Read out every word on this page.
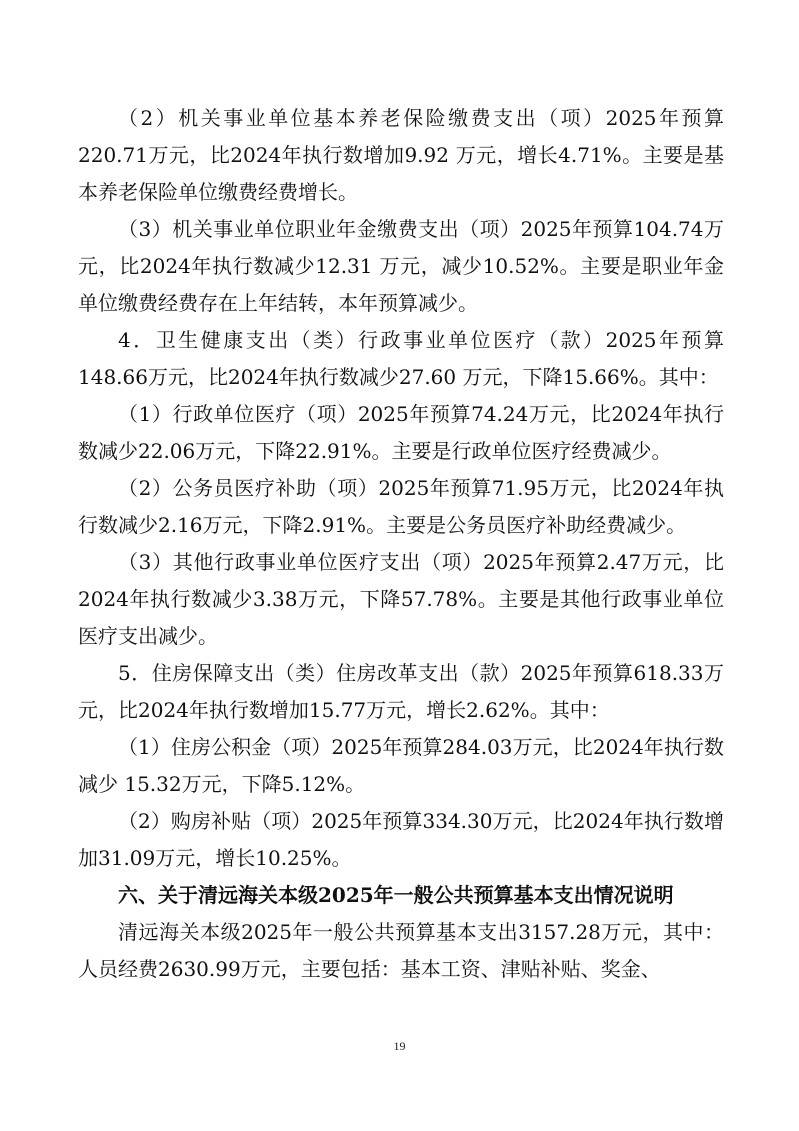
（2）机关事业单位基本养老保险缴费支出（项）2025年预算220.71万元，比2024年执行数增加9.92 万元，增长4.71%。主要是基本养老保险单位缴费经费增长。

（3）机关事业单位职业年金缴费支出（项）2025年预算104.74万元，比2024年执行数减少12.31 万元，减少10.52%。主要是职业年金单位缴费经费存在上年结转，本年预算减少。

4．卫生健康支出（类）行政事业单位医疗（款）2025年预算148.66万元，比2024年执行数减少27.60 万元，下降15.66%。其中：

（1）行政单位医疗（项）2025年预算74.24万元，比2024年执行数减少22.06万元，下降22.91%。主要是行政单位医疗经费减少。

（2）公务员医疗补助（项）2025年预算71.95万元，比2024年执行数减少2.16万元，下降2.91%。主要是公务员医疗补助经费减少。

（3）其他行政事业单位医疗支出（项）2025年预算2.47万元，比2024年执行数减少3.38万元，下降57.78%。主要是其他行政事业单位医疗支出减少。

5．住房保障支出（类）住房改革支出（款）2025年预算618.33万元，比2024年执行数增加15.77万元，增长2.62%。其中：

（1）住房公积金（项）2025年预算284.03万元，比2024年执行数减少 15.32万元，下降5.12%。

（2）购房补贴（项）2025年预算334.30万元，比2024年执行数增加31.09万元，增长10.25%。

六、关于清远海关本级2025年一般公共预算基本支出情况说明

清远海关本级2025年一般公共预算基本支出3157.28万元，其中：人员经费2630.99万元，主要包括：基本工资、津贴补贴、奖金、

19
